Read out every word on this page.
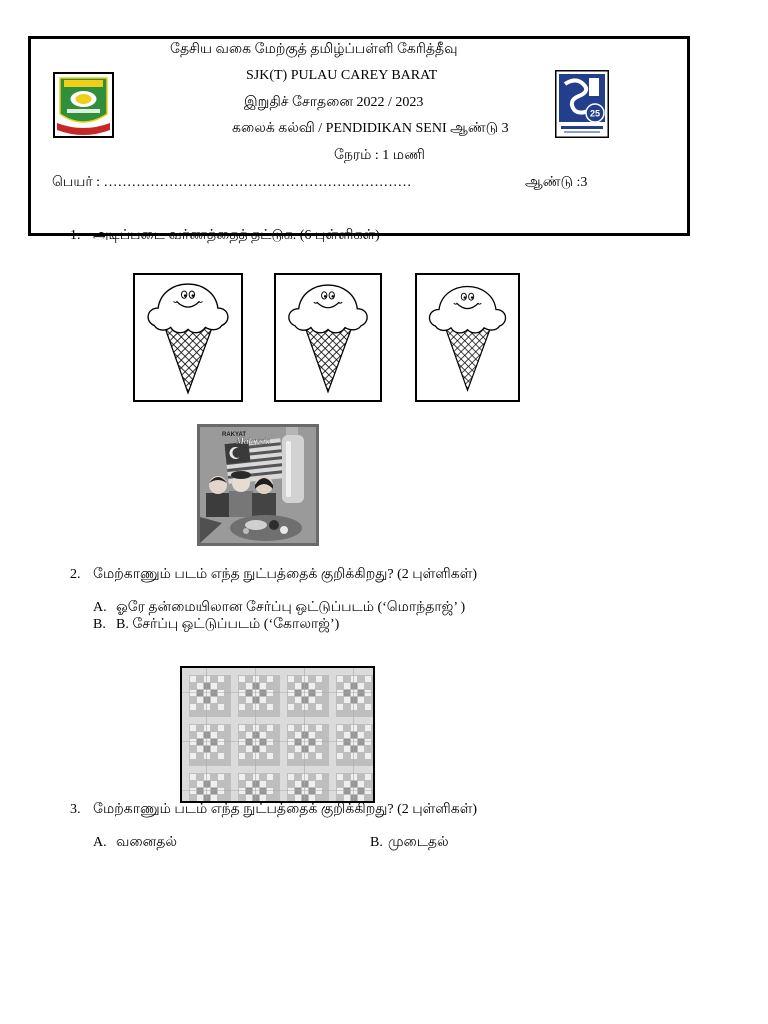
தேசிய வகை மேற்குத் தமிழ்ப்பள்ளி கேரித்தீவு
SJK(T) PULAU CAREY BARAT
இறுதிச் சோதனை 2022 / 2023
கலைக் கல்வி / PENDIDIKAN SENI ஆண்டு 3
நேரம் : 1 மணி
பெயர் : …………………………………………………………	ஆண்டு :3
25
1. அடிப்படை வர்ணத்தைத் தட்டுக. (6 புள்ளிகள்)
RAKYAT
Malaysia
2. மேற்காணும் படம் எந்த நுட்பத்தைக் குறிக்கிறது? (2 புள்ளிகள்)
A. ஓரே தன்மையிலான சேர்ப்பு ஒட்டுப்படம் (‘மொந்தாஜ்’ )
B. B. சேர்ப்பு ஒட்டுப்படம் (‘கோலாஜ்’)
3. மேற்காணும் படம் எந்த நுட்பத்தைக் குறிக்கிறது? (2 புள்ளிகள்)
A. வனைதல்	B. முடைதல்
